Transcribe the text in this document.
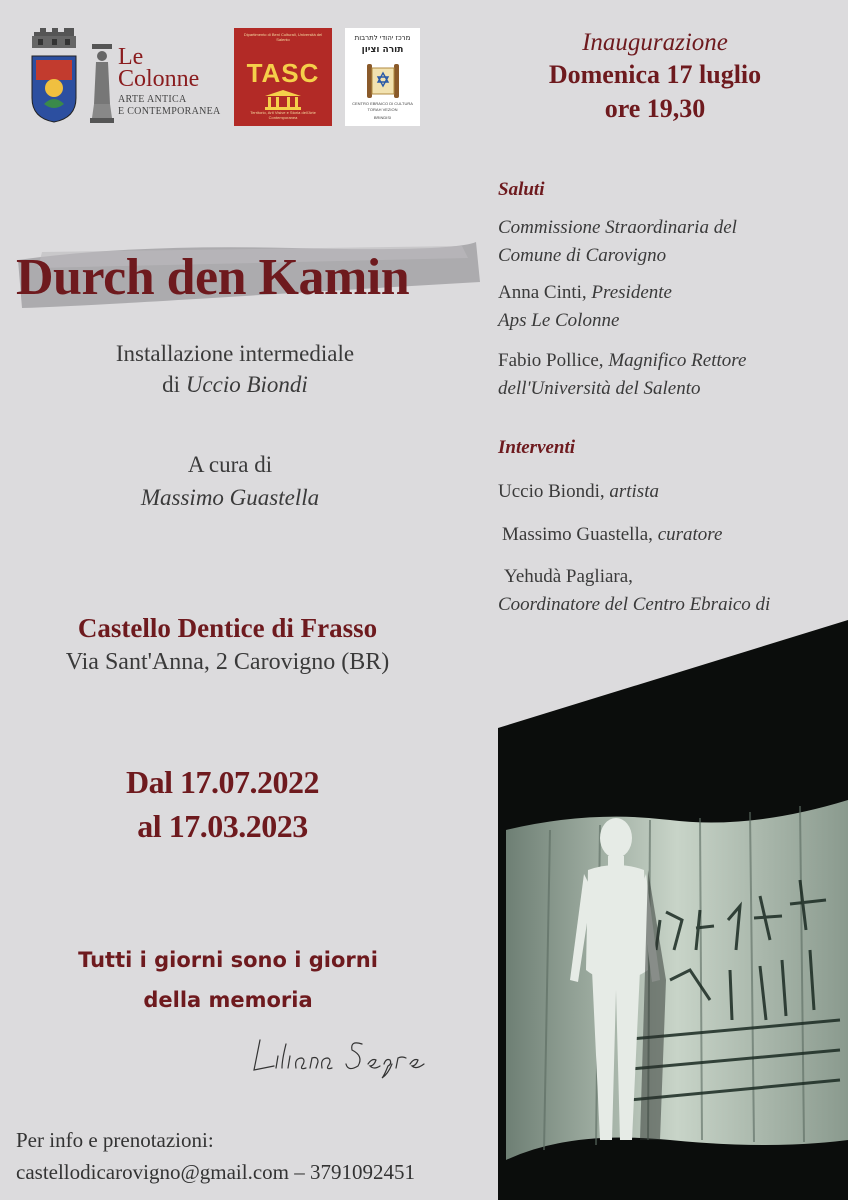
Le Colonne
ARTE ANTICA
E CONTEMPORANEA
Dipartimento di Beni Culturali, Università del Salento
TASC
Territorio, Arti Visive e Storia dell'Arte Contemporanea
מרכז יהודי לתרבות
תורה וציון
CENTRO EBRAICO DI CULTURA
TORAH VEZION
BRINDISI
Inaugurazione
Domenica 17 luglio
ore 19,30
Saluti
Commissione Straordinaria del
Comune di Carovigno
Anna Cinti, Presidente
Aps Le Colonne
Fabio Pollice, Magnifico Rettore
dell'Università del Salento
Interventi
Uccio Biondi, artista
Massimo Guastella, curatore
Yehudà Pagliara,
Coordinatore del Centro Ebraico di
Durch den Kamin
Installazione intermediale
di Uccio Biondi
A cura di
Massimo Guastella
Castello Dentice di Frasso
Via Sant'Anna, 2 Carovigno (BR)
Dal 17.07.2022
al 17.03.2023
Tutti i giorni sono i giorni
della memoria
Per info e prenotazioni:
castellodicarovigno@gmail.com – 3791092451
